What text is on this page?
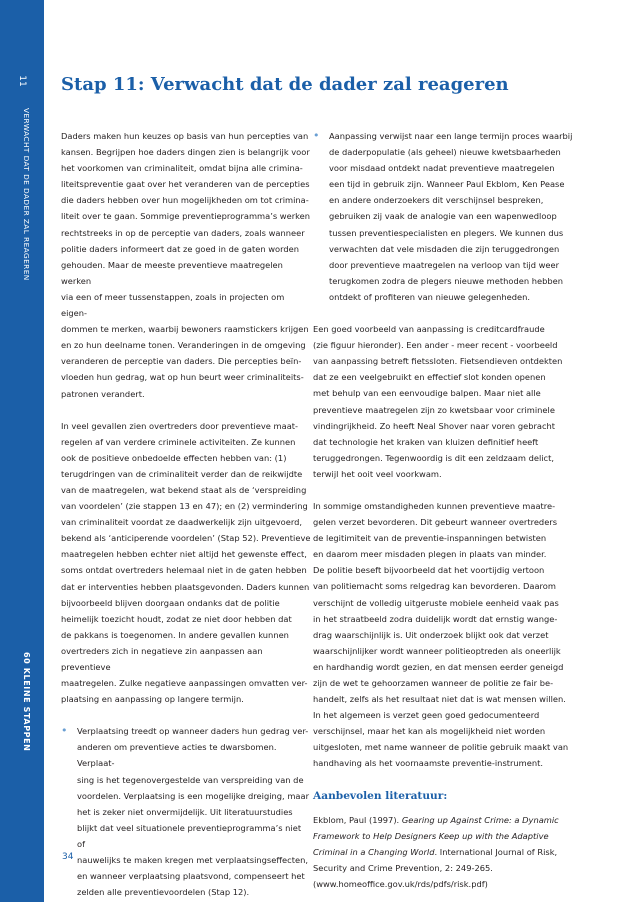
11
VERWACHT DAT DE DADER ZAL REAGEREN
60 KLEINE STAPPEN
Stap 11: Verwacht dat de dader zal reageren

Daders maken hun keuzes op basis van hun percepties van
kansen. Begrijpen hoe daders dingen zien is belangrijk voor
het voorkomen van criminaliteit, omdat bijna alle crimina-
liteitspreventie gaat over het veranderen van de percepties
die daders hebben over hun mogelijkheden om tot crimina-
liteit over te gaan. Sommige preventieprogramma’s werken
rechtstreeks in op de perceptie van daders, zoals wanneer
politie daders informeert dat ze goed in de gaten worden
gehouden. Maar de meeste preventieve maatregelen werken
via een of meer tussenstappen, zoals in projecten om eigen-
dommen te merken, waarbij bewoners raamstickers krijgen
en zo hun deelname tonen. Veranderingen in de omgeving
veranderen de perceptie van daders. Die percepties beïn-
vloeden hun gedrag, wat op hun beurt weer criminaliteits-
patronen verandert.

In veel gevallen zien overtreders door preventieve maat-
regelen af van verdere criminele activiteiten. Ze kunnen
ook de positieve onbedoelde effecten hebben van: (1)
terugdringen van de criminaliteit verder dan de reikwijdte
van de maatregelen, wat bekend staat als de ‘verspreiding
van voordelen’ (zie stappen 13 en 47); en (2) vermindering
van criminaliteit voordat ze daadwerkelijk zijn uitgevoerd,
bekend als ‘anticiperende voordelen’ (Stap 52). Preventieve
maatregelen hebben echter niet altijd het gewenste effect,
soms ontdat overtreders helemaal niet in de gaten hebben
dat er interventies hebben plaatsgevonden. Daders kunnen
bijvoorbeeld blijven doorgaan ondanks dat de politie
heimelijk toezicht houdt, zodat ze niet door hebben dat
de pakkans is toegenomen. In andere gevallen kunnen
overtreders zich in negatieve zin aanpassen aan preventieve
maatregelen. Zulke negatieve aanpassingen omvatten ver-
plaatsing en aanpassing op langere termijn.

• Verplaatsing treedt op wanneer daders hun gedrag ver-
anderen om preventieve acties te dwarsbomen. Verplaat-
sing is het tegenovergestelde van verspreiding van de
voordelen. Verplaatsing is een mogelijke dreiging, maar
het is zeker niet onvermijdelijk. Uit literatuurstudies
blijkt dat veel situationele preventieprogramma’s niet of
nauwelijks te maken kregen met verplaatsingseffecten,
en wanneer verplaatsing plaatsvond, compenseert het
zelden alle preventievoordelen (Stap 12).
• Aanpassing verwijst naar een lange termijn proces waarbij
de daderpopulatie (als geheel) nieuwe kwetsbaarheden
voor misdaad ontdekt nadat preventieve maatregelen
een tijd in gebruik zijn. Wanneer Paul Ekblom, Ken Pease
en andere onderzoekers dit verschijnsel bespreken,
gebruiken zij vaak de analogie van een wapenwedloop
tussen preventiespecialisten en plegers. We kunnen dus
verwachten dat vele misdaden die zijn teruggedrongen
door preventieve maatregelen na verloop van tijd weer
terugkomen zodra de plegers nieuwe methoden hebben
ontdekt of profiteren van nieuwe gelegenheden.

Een goed voorbeeld van aanpassing is creditcardfraude
(zie figuur hieronder). Een ander - meer recent - voorbeeld
van aanpassing betreft fietssloten. Fietsendieven ontdekten
dat ze een veelgebruikt en effectief slot konden openen
met behulp van een eenvoudige balpen. Maar niet alle
preventieve maatregelen zijn zo kwetsbaar voor criminele
vindingrijkheid. Zo heeft Neal Shover naar voren gebracht
dat technologie het kraken van kluizen definitief heeft
teruggedrongen. Tegenwoordig is dit een zeldzaam delict,
terwijl het ooit veel voorkwam.

In sommige omstandigheden kunnen preventieve maatre-
gelen verzet bevorderen. Dit gebeurt wanneer overtreders
de legitimiteit van de preventie-inspanningen betwisten
en daarom meer misdaden plegen in plaats van minder.
De politie beseft bijvoorbeeld dat het voortijdig vertoon
van politiemacht soms relgedrag kan bevorderen. Daarom
verschijnt de volledig uitgeruste mobiele eenheid vaak pas
in het straatbeeld zodra duidelijk wordt dat ernstig wange-
drag waarschijnlijk is. Uit onderzoek blijkt ook dat verzet
waarschijnlijker wordt wanneer politieoptreden als oneerlijk
en hardhandig wordt gezien, en dat mensen eerder geneigd
zijn de wet te gehoorzamen wanneer de politie ze fair be-
handelt, zelfs als het resultaat niet dat is wat mensen willen.
In het algemeen is verzet geen goed gedocumenteerd
verschijnsel, maar het kan als mogelijkheid niet worden
uitgesloten, met name wanneer de politie gebruik maakt van
handhaving als het voornaamste preventie-instrument.

Aanbevolen literatuur:

Ekblom, Paul (1997). Gearing up Against Crime: a Dynamic Framework to Help Designers Keep up with the Adaptive Criminal in a Changing World. International Journal of Risk, Security and Crime Prevention, 2: 249-265. (www.homeoffice.gov.uk/rds/pdfs/risk.pdf)

34
